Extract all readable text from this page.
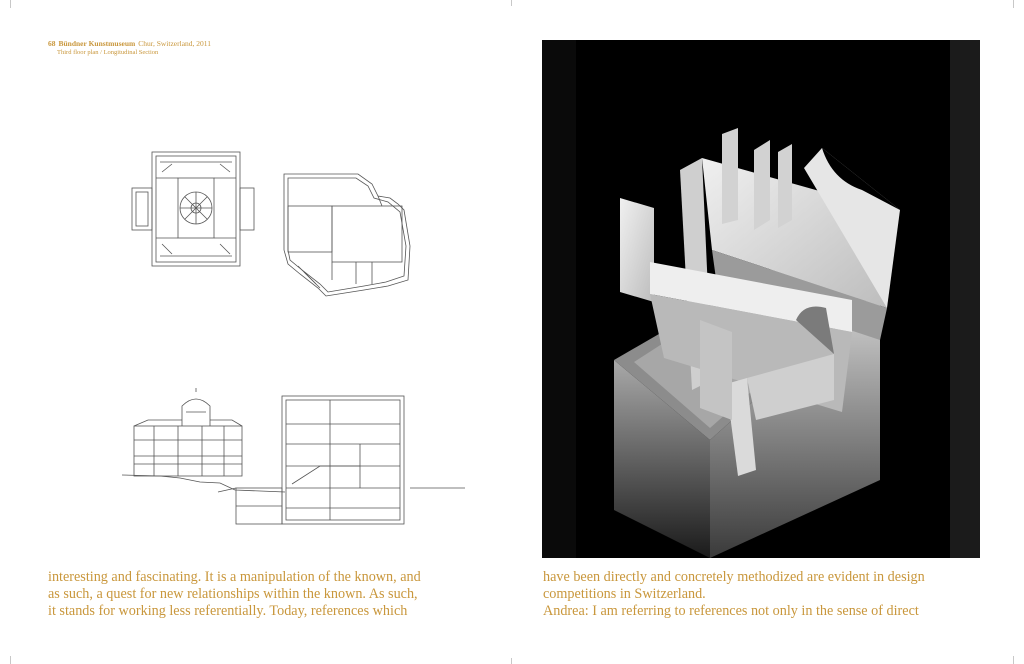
68 Bündner Kunstmuseum Chur, Switzerland, 2011
Third floor plan / Longitudinal Section

interesting and fascinating. It is a manipulation of the known, and

as such, a quest for new relationships within the known. As such,

it stands for working less referentially. Today, references which

have been directly and concretely methodized are evident in design

competitions in Switzerland.

Andrea: I am referring to references not only in the sense of direct
